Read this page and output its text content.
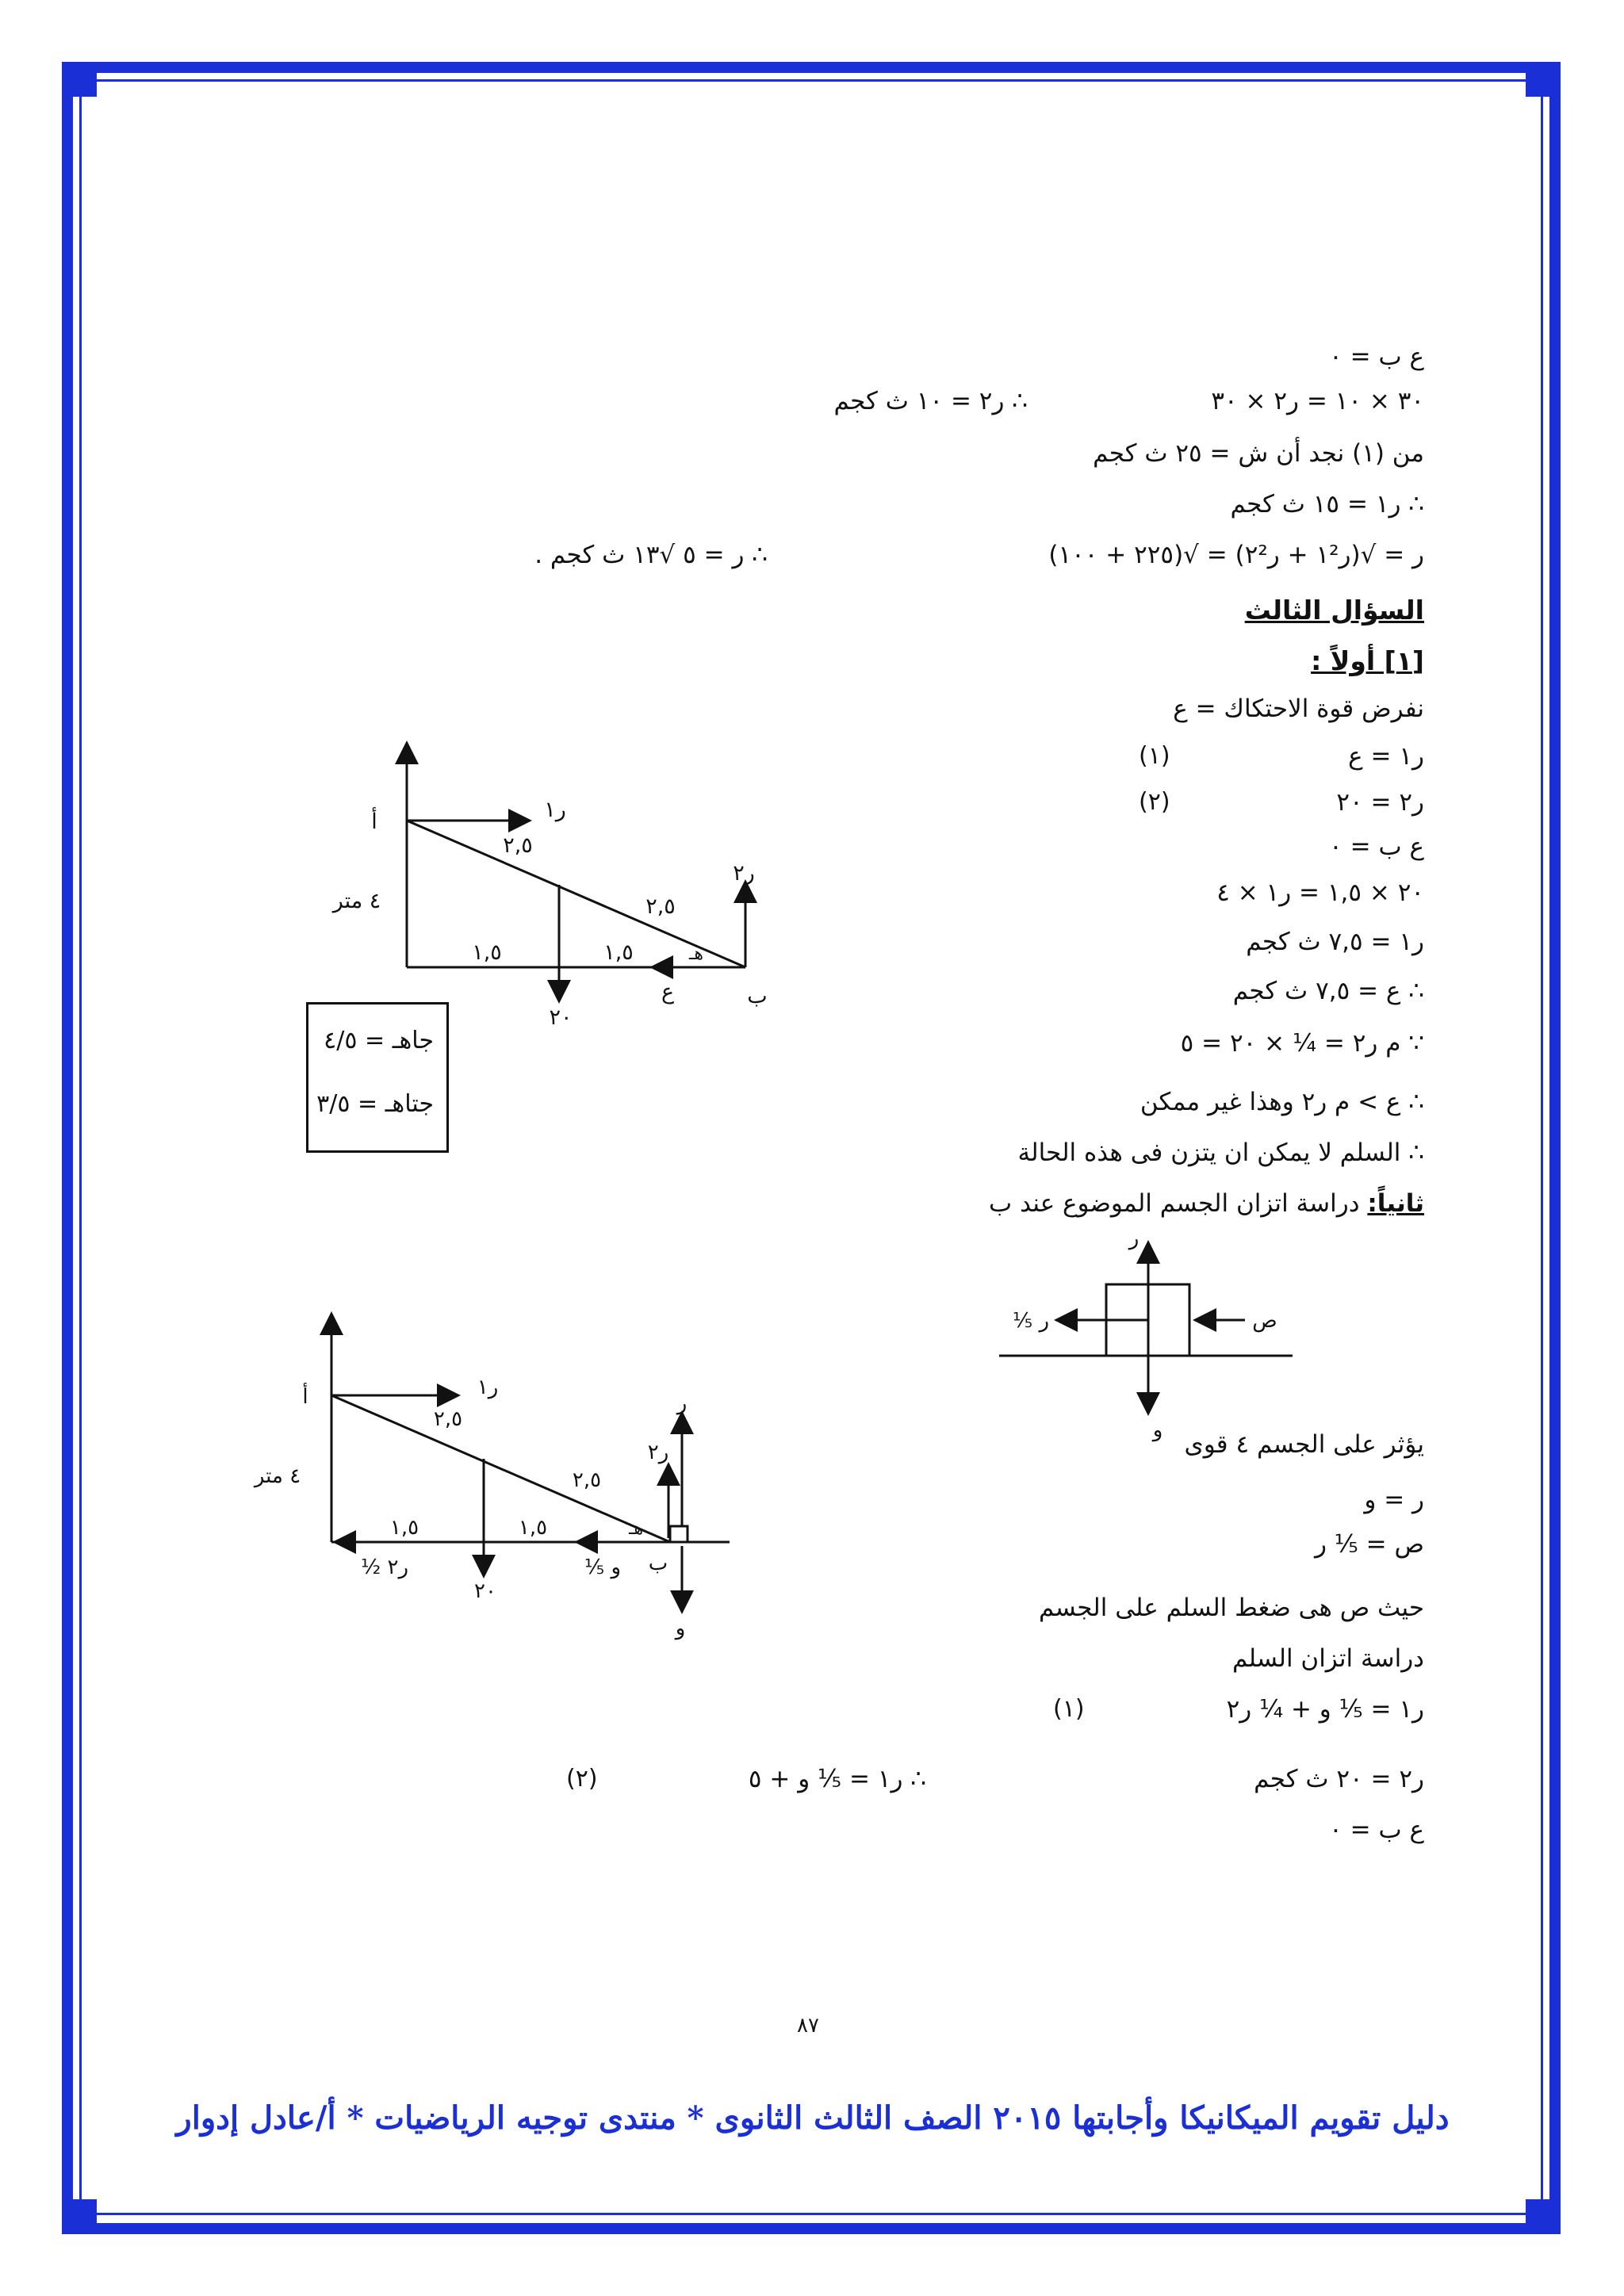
ع ب = ٠
٣٠ × ١٠ = ر٢ × ٣٠
∴ ر٢ = ١٠ ث كجم
من (١) نجد أن ش = ٢٥ ث كجم
∴ ر١ = ١٥ ث كجم
ر = √(ر١² + ر٢²) = √(٢٢٥ + ١٠٠)
∴ ر = ٥ √١٣ ث كجم .
السؤال الثالث
[١] أولاً :
نفرض قوة الاحتكاك = ع
ر١ = ع
(١)
ر٢ = ٢٠
(٢)
ع ب = ٠
٢٠ × ١,٥ = ر١ × ٤
ر١ = ٧,٥ ث كجم
∴ ع = ٧,٥ ث كجم
∵ م ر٢ = ¼ × ٢٠ = ٥
∴ ع > م ر٢ وهذا غير ممكن
∴ السلم لا يمكن ان يتزن فى هذه الحالة
ثانياً: دراسة اتزان الجسم الموضوع عند ب
يؤثر على الجسم ٤ قوى
ر = و
ص = ⅕ ر
حيث ص هى ضغط السلم على الجسم
دراسة اتزان السلم
ر١ = ⅕ و + ¼ ر٢
(١)
ر٢ = ٢٠ ث كجم
∴ ر١ = ⅕ و + ٥
(٢)
ع ب = ٠
أ
ب
٤ متر
ر١
ر٢
٢,٥
٢,٥
١,٥	١,٥
٢٠
ع
هـ
جاهـ = ٤/٥
جتاهـ = ٣/٥
ر
⅕ ر	ص
و
أ
ب
٤ متر
ر١
ر٢
ر
٢,٥
٢,٥
١,٥	١,٥
٢٠
⅕ و
½ ر٢
هـ
و
٨٧
دليل تقويم الميكانيكا وأجابتها ٢٠١٥ الصف الثالث الثانوى * منتدى توجيه الرياضيات * أ/عادل إدوار
